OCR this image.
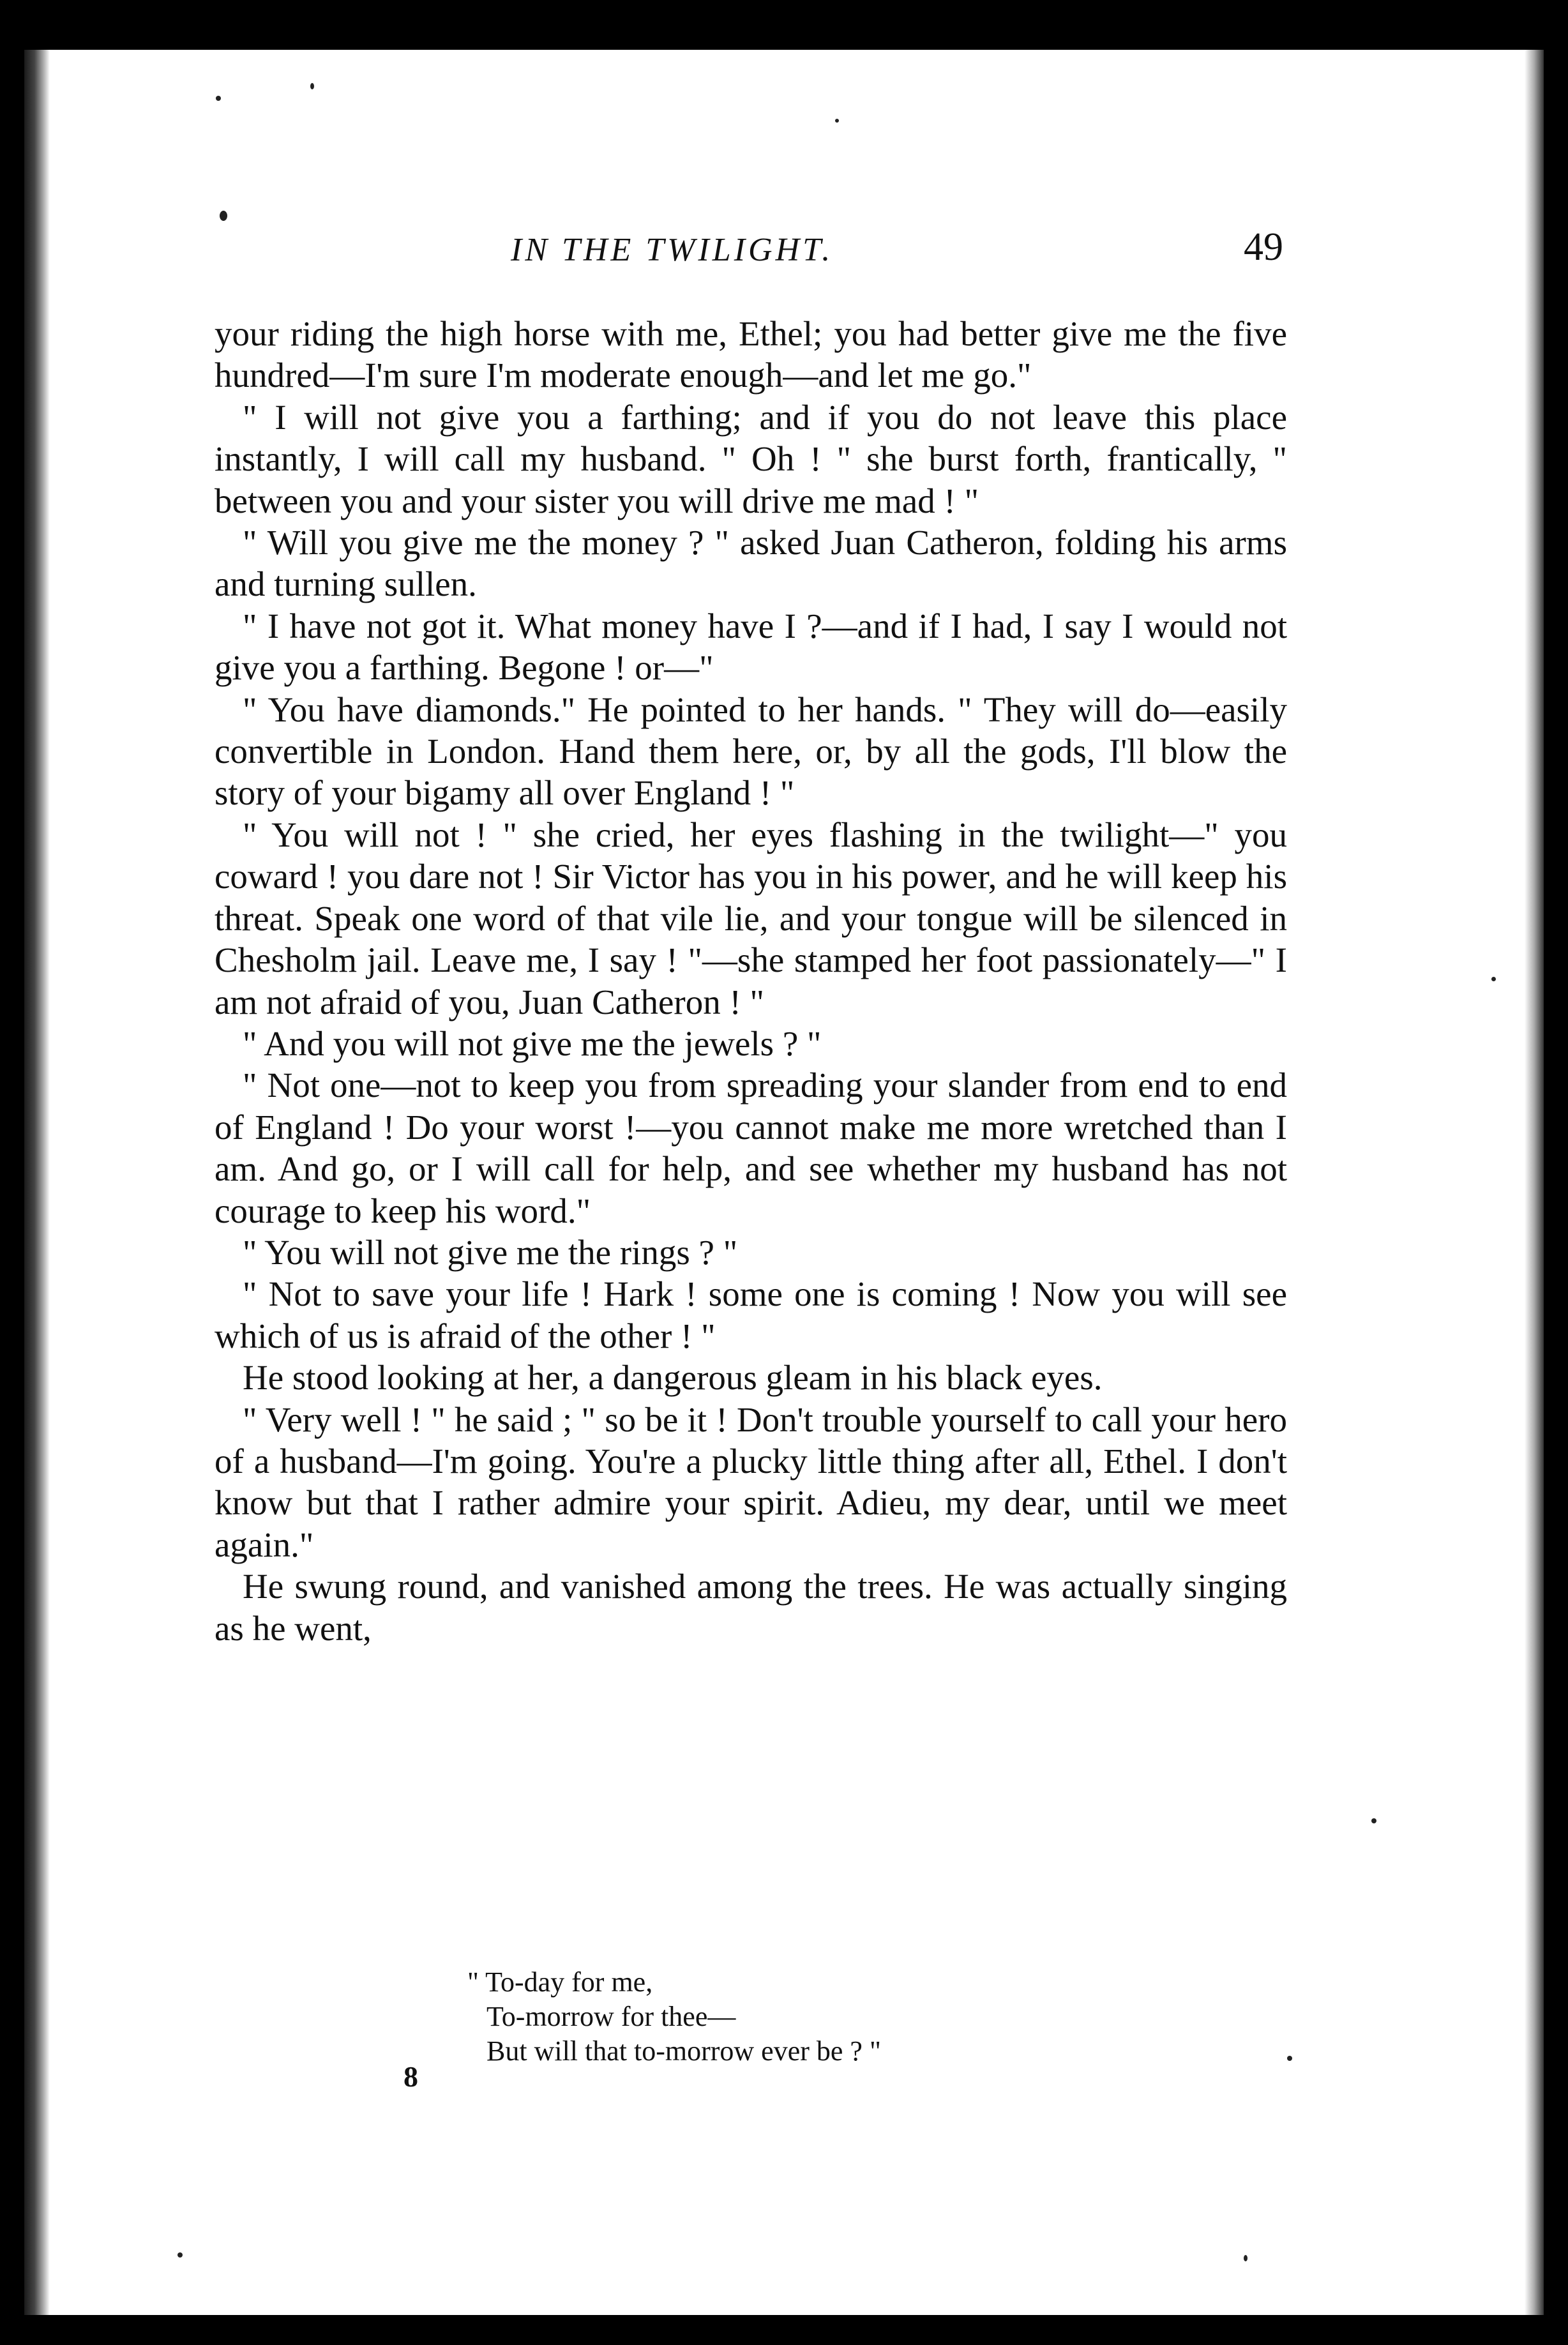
IN THE TWILIGHT.	49

your riding the high horse with me, Ethel; you had better give me the five hundred—I'm sure I'm moderate enough—and let me go."

" I will not give you a farthing; and if you do not leave this place instantly, I will call my husband. " Oh ! " she burst forth, frantically, " between you and your sister you will drive me mad ! "

" Will you give me the money ? " asked Juan Catheron, folding his arms and turning sullen.

" I have not got it. What money have I ?—and if I had, I say I would not give you a farthing. Begone ! or—"

" You have diamonds." He pointed to her hands. " They will do—easily convertible in London. Hand them here, or, by all the gods, I'll blow the story of your bigamy all over England ! "

" You will not ! " she cried, her eyes flashing in the twilight—" you coward ! you dare not ! Sir Victor has you in his power, and he will keep his threat. Speak one word of that vile lie, and your tongue will be silenced in Chesholm jail. Leave me, I say ! "—she stamped her foot passionately—" I am not afraid of you, Juan Catheron ! "

" And you will not give me the jewels ? "

" Not one—not to keep you from spreading your slander from end to end of England ! Do your worst !—you cannot make me more wretched than I am. And go, or I will call for help, and see whether my husband has not courage to keep his word."

" You will not give me the rings ? "

" Not to save your life ! Hark ! some one is coming ! Now you will see which of us is afraid of the other ! "

He stood looking at her, a dangerous gleam in his black eyes.

" Very well ! " he said ; " so be it ! Don't trouble yourself to call your hero of a husband—I'm going. You're a plucky little thing after all, Ethel. I don't know but that I rather admire your spirit. Adieu, my dear, until we meet again."

He swung round, and vanished among the trees. He was actually singing as he went,

" To-day for me,
To-morrow for thee—
But will that to-morrow ever be ? "
8
